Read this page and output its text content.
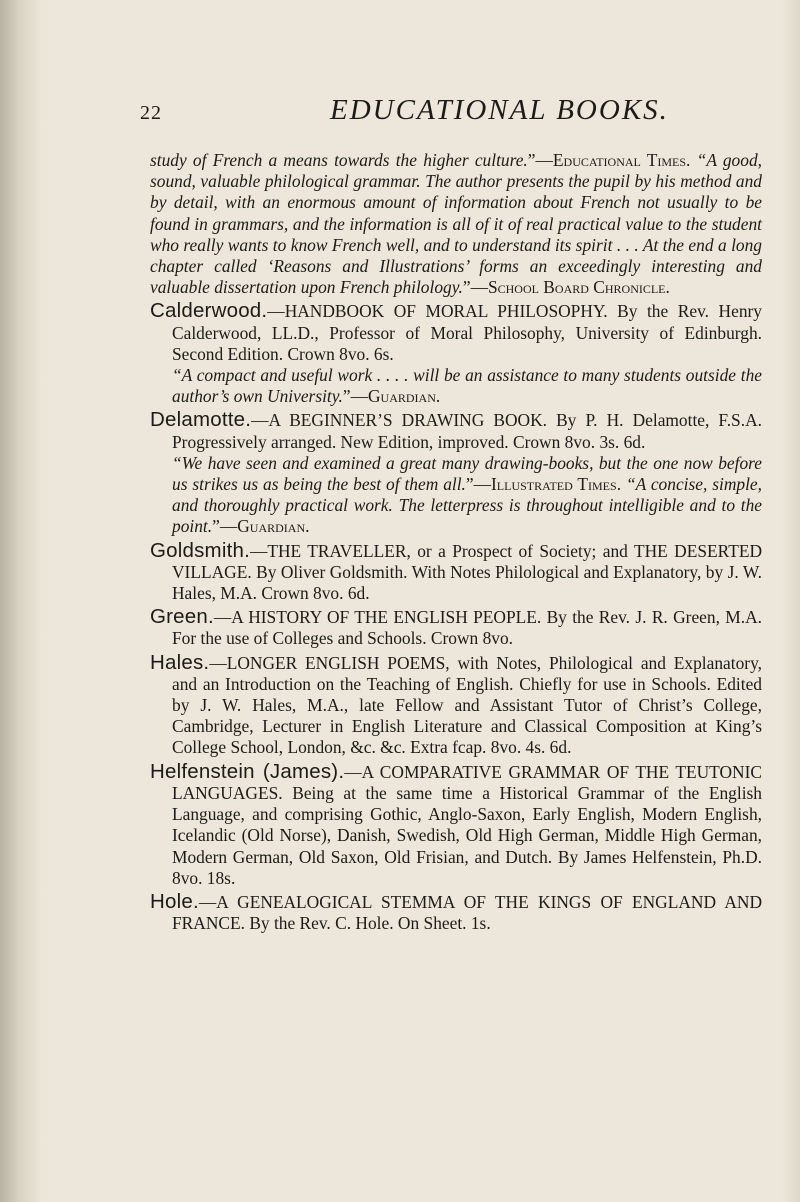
22	EDUCATIONAL BOOKS.

study of French a means towards the higher culture.”—Educational Times. “A good, sound, valuable philological grammar. The author presents the pupil by his method and by detail, with an enormous amount of information about French not usually to be found in grammars, and the information is all of it of real practical value to the student who really wants to know French well, and to understand its spirit . . . At the end a long chapter called ‘Reasons and Illustrations’ forms an exceedingly interesting and valuable dissertation upon French philology.”—School Board Chronicle.

Calderwood.—HANDBOOK OF MORAL PHILOSOPHY. By the Rev. Henry Calderwood, LL.D., Professor of Moral Philosophy, University of Edinburgh. Second Edition. Crown 8vo. 6s.
“A compact and useful work . . . . will be an assistance to many students outside the author’s own University.”—Guardian.

Delamotte.—A BEGINNER’S DRAWING BOOK. By P. H. Delamotte, F.S.A. Progressively arranged. New Edition, improved. Crown 8vo. 3s. 6d.
“We have seen and examined a great many drawing-books, but the one now before us strikes us as being the best of them all.”—Illustrated Times. “A concise, simple, and thoroughly practical work. The letterpress is throughout intelligible and to the point.”—Guardian.

Goldsmith.—THE TRAVELLER, or a Prospect of Society; and THE DESERTED VILLAGE. By Oliver Goldsmith. With Notes Philological and Explanatory, by J. W. Hales, M.A. Crown 8vo. 6d.

Green.—A HISTORY OF THE ENGLISH PEOPLE. By the Rev. J. R. Green, M.A. For the use of Colleges and Schools. Crown 8vo.

Hales.—LONGER ENGLISH POEMS, with Notes, Philological and Explanatory, and an Introduction on the Teaching of English. Chiefly for use in Schools. Edited by J. W. Hales, M.A., late Fellow and Assistant Tutor of Christ’s College, Cambridge, Lecturer in English Literature and Classical Composition at King’s College School, London, &c. &c. Extra fcap. 8vo. 4s. 6d.

Helfenstein (James).—A COMPARATIVE GRAMMAR OF THE TEUTONIC LANGUAGES. Being at the same time a Historical Grammar of the English Language, and comprising Gothic, Anglo-Saxon, Early English, Modern English, Icelandic (Old Norse), Danish, Swedish, Old High German, Middle High German, Modern German, Old Saxon, Old Frisian, and Dutch. By James Helfenstein, Ph.D. 8vo. 18s.

Hole.—A GENEALOGICAL STEMMA OF THE KINGS OF ENGLAND AND FRANCE. By the Rev. C. Hole. On Sheet. 1s.
